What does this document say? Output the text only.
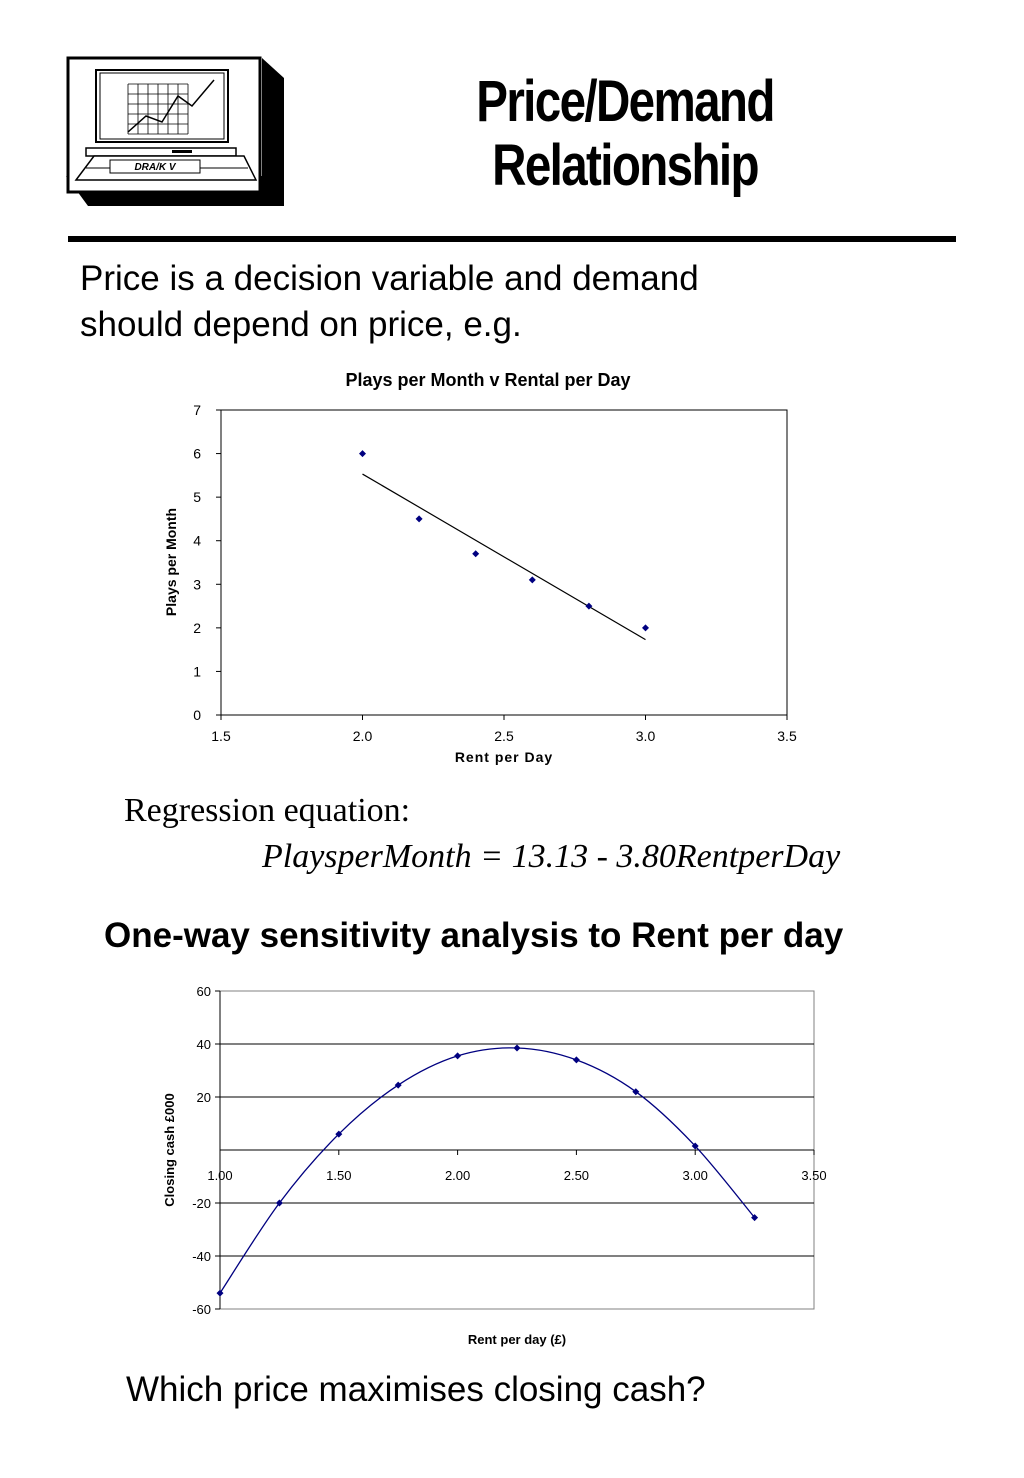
DRA/K V
Price/Demand
Relationship
Price is a decision variable and demand
should depend on price, e.g.
Plays per Month v Rental per Day
0
1
2
3
4
5
6
7
1.5	2.0	2.5	3.0	3.5
Rent per Day
Plays per Month
Regression equation:
PlaysperMonth = 13.13 - 3.80RentperDay
One-way sensitivity analysis to Rent per day
-60
-40
-20
20
40
60
1.00	1.50	2.00	2.50	3.00	3.50
Rent per day (£)
Closing cash £000
Which price maximises closing cash?
